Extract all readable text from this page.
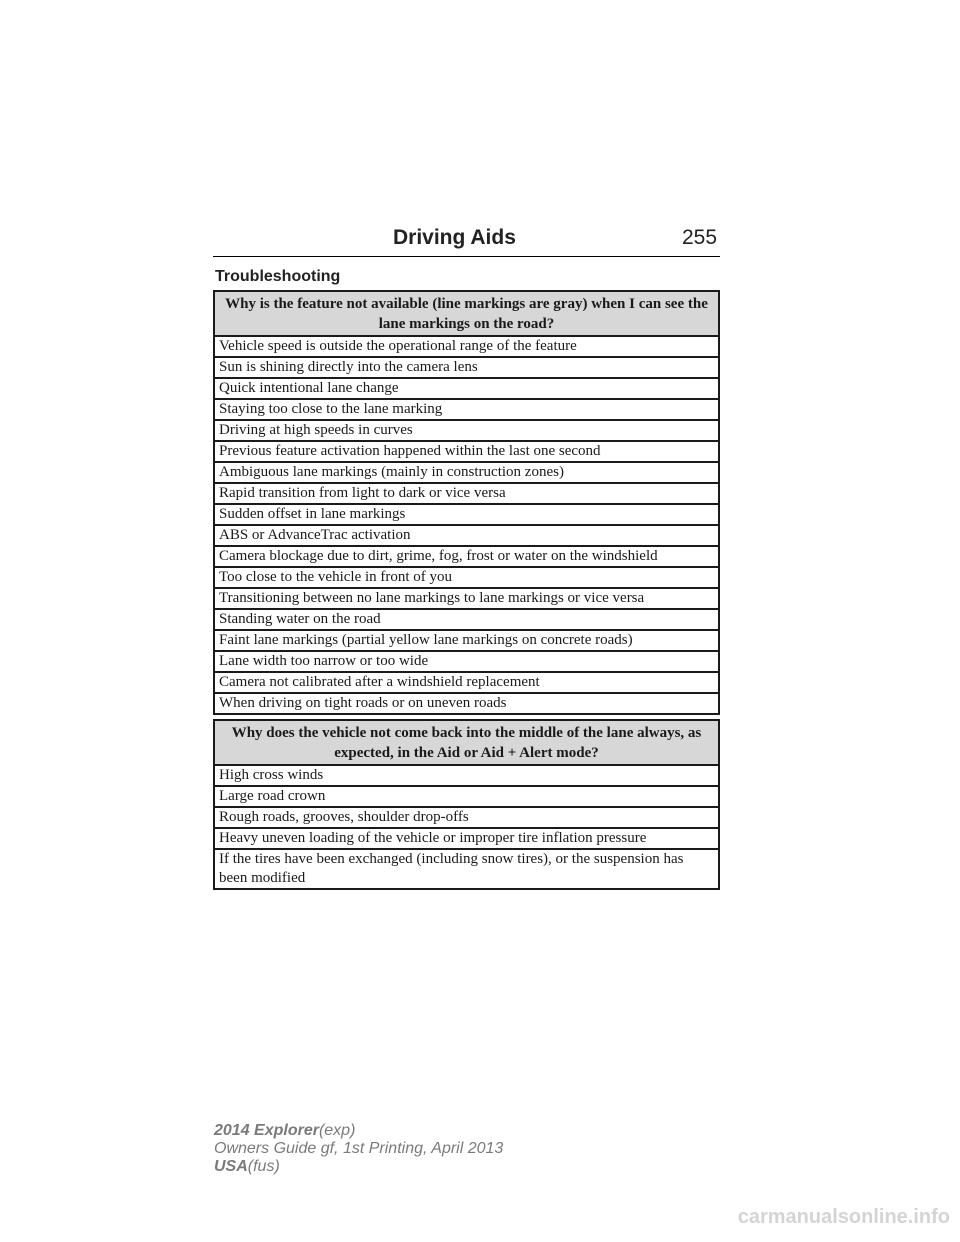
Driving Aids	255
Troubleshooting
Why is the feature not available (line markings are gray) when I can see the lane markings on the road?
Vehicle speed is outside the operational range of the feature
Sun is shining directly into the camera lens
Quick intentional lane change
Staying too close to the lane marking
Driving at high speeds in curves
Previous feature activation happened within the last one second
Ambiguous lane markings (mainly in construction zones)
Rapid transition from light to dark or vice versa
Sudden offset in lane markings
ABS or AdvanceTrac activation
Camera blockage due to dirt, grime, fog, frost or water on the windshield
Too close to the vehicle in front of you
Transitioning between no lane markings to lane markings or vice versa
Standing water on the road
Faint lane markings (partial yellow lane markings on concrete roads)
Lane width too narrow or too wide
Camera not calibrated after a windshield replacement
When driving on tight roads or on uneven roads
Why does the vehicle not come back into the middle of the lane always, as expected, in the Aid or Aid + Alert mode?
High cross winds
Large road crown
Rough roads, grooves, shoulder drop-offs
Heavy uneven loading of the vehicle or improper tire inflation pressure
If the tires have been exchanged (including snow tires), or the suspension has been modified
2014 Explorer(exp)
Owners Guide gf, 1st Printing, April 2013
USA(fus)
carmanualsonline.info
